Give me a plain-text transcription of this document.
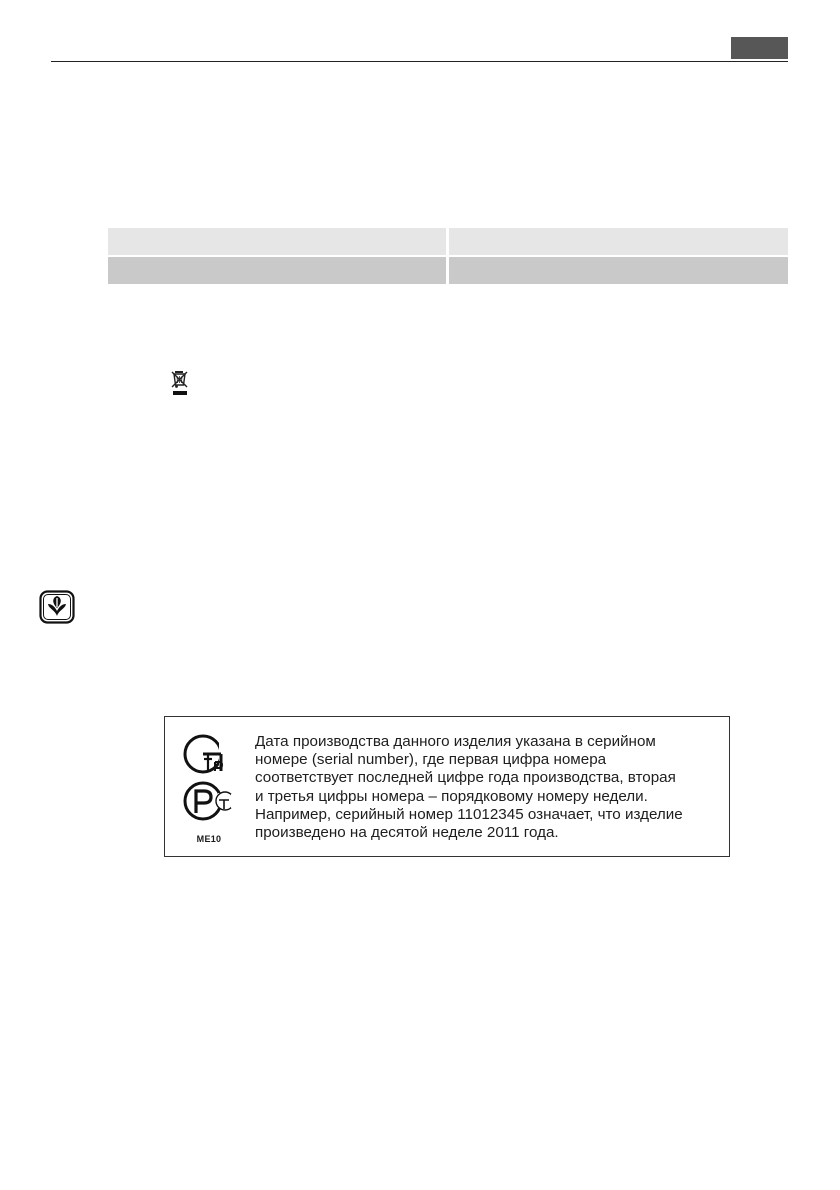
ME10

Дата производства данного изделия указана в серийном
номере (serial number), где первая цифра номера
соответствует последней цифре года производства, вторая
и третья цифры номера – порядковому номеру недели.
Например, серийный номер 11012345 означает, что изделие
произведено на десятой неделе 2011 года.
